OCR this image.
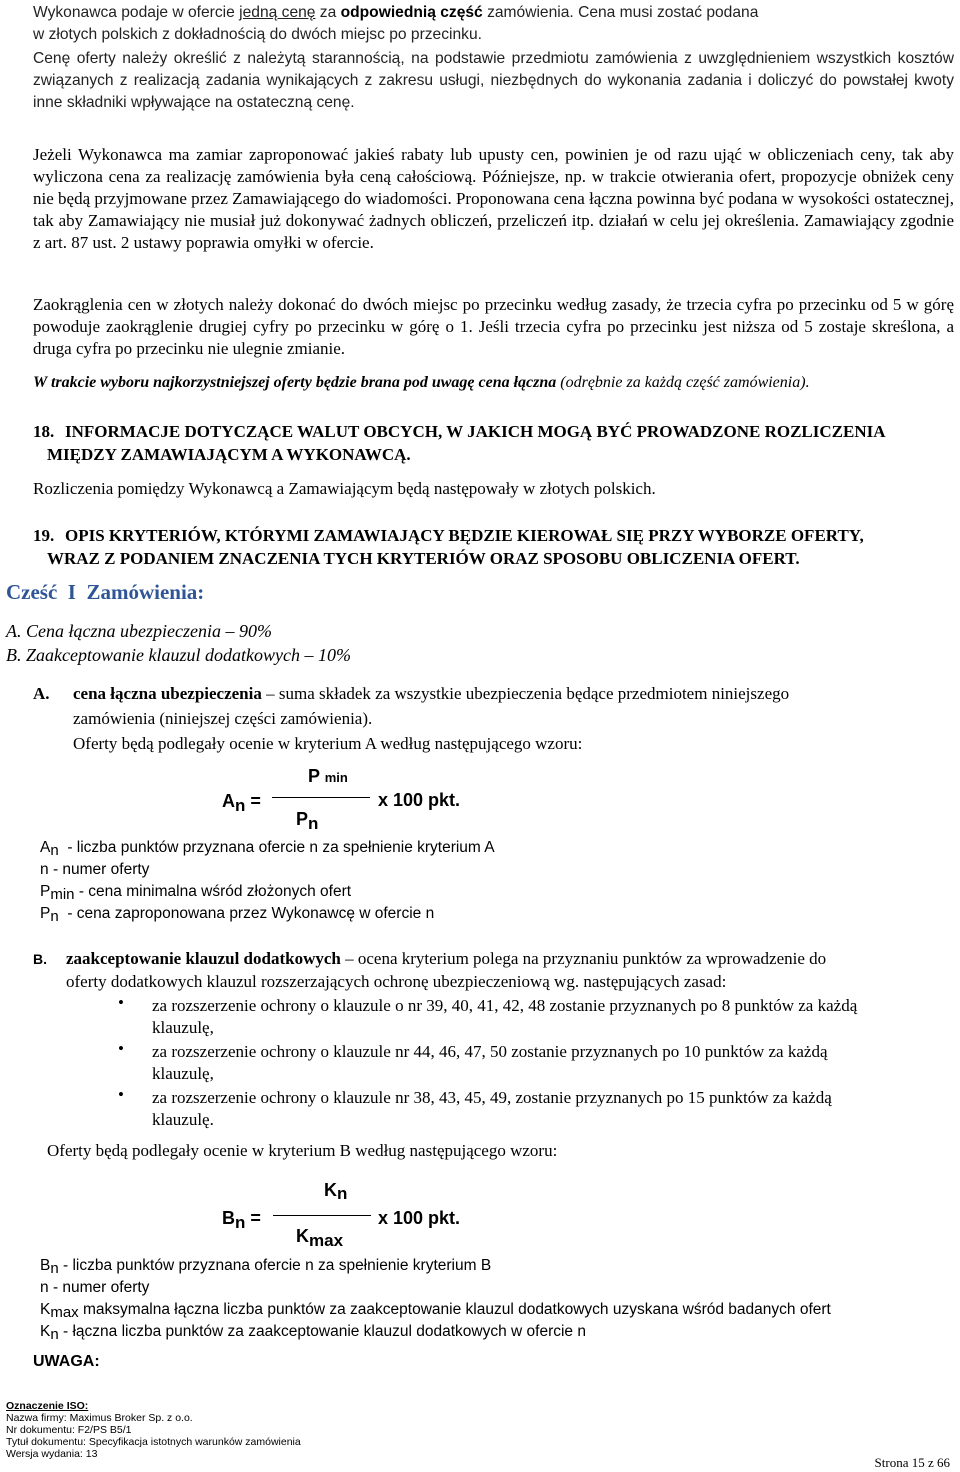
Wykonawca podaje w ofercie jedną cenę za odpowiednią część zamówienia. Cena musi zostać podana
w złotych polskich z dokładnością do dwóch miejsc po przecinku.

Cenę oferty należy określić z należytą starannością, na podstawie przedmiotu zamówienia z uwzględnieniem wszystkich kosztów związanych z realizacją zadania wynikających z zakresu usługi, niezbędnych do wykonania zadania i doliczyć do powstałej kwoty inne składniki wpływające na ostateczną cenę.

Jeżeli Wykonawca ma zamiar zaproponować jakieś rabaty lub upusty cen, powinien je od razu ująć w obliczeniach ceny, tak aby wyliczona cena za realizację zamówienia była ceną całościową. Późniejsze, np. w trakcie otwierania ofert, propozycje obniżek ceny nie będą przyjmowane przez Zamawiającego do wiadomości. Proponowana cena łączna powinna być podana w wysokości ostatecznej, tak aby Zamawiający nie musiał już dokonywać żadnych obliczeń, przeliczeń itp. działań w celu jej określenia. Zamawiający zgodnie z art. 87 ust. 2 ustawy poprawia omyłki w ofercie.

Zaokrąglenia cen w złotych należy dokonać do dwóch miejsc po przecinku według zasady, że trzecia cyfra po przecinku od 5 w górę powoduje zaokrąglenie drugiej cyfry po przecinku w górę o 1. Jeśli trzecia cyfra po przecinku jest niższa od 5 zostaje skreślona, a druga cyfra po przecinku nie ulegnie zmianie.

W trakcie wyboru najkorzystniejszej oferty będzie brana pod uwagę cena łączna (odrębnie za każdą część zamówienia).
18. INFORMACJE DOTYCZĄCE WALUT OBCYCH, W JAKICH MOGĄ BYĆ PROWADZONE ROZLICZENIA
MIĘDZY ZAMAWIAJĄCYM A WYKONAWCĄ.
Rozliczenia pomiędzy Wykonawcą a Zamawiającym będą następowały w złotych polskich.
19. OPIS KRYTERIÓW, KTÓRYMI ZAMAWIAJĄCY BĘDZIE KIEROWAŁ SIĘ PRZY WYBORZE OFERTY,
WRAZ Z PODANIEM ZNACZENIA TYCH KRYTERIÓW ORAZ SPOSOBU OBLICZENIA OFERT.
Cześć  I  Zamówienia:
A. Cena łączna ubezpieczenia – 90%
B. Zaakceptowanie klauzul dodatkowych – 10%
A. cena łączna ubezpieczenia – suma składek za wszystkie ubezpieczenia będące przedmiotem niniejszego
zamówienia (niniejszej części zamówienia).
Oferty będą podlegały ocenie w kryterium A według następującego wzoru:
P min
An =	x 100 pkt.
Pn
An - liczba punktów przyznana ofercie n za spełnienie kryterium A
n - numer oferty
Pmin - cena minimalna wśród złożonych ofert
Pn - cena zaproponowana przez Wykonawcę w ofercie n
B. zaakceptowanie klauzul dodatkowych – ocena kryterium polega na przyznaniu punktów za wprowadzenie do
oferty dodatkowych klauzul rozszerzających ochronę ubezpieczeniową wg. następujących zasad:
• za rozszerzenie ochrony o klauzule o nr 39, 40, 41, 42, 48 zostanie przyznanych po 8 punktów za każdą
klauzulę,
• za rozszerzenie ochrony o klauzule nr 44, 46, 47, 50 zostanie przyznanych po 10 punktów za każdą
klauzulę,
• za rozszerzenie ochrony o klauzule nr 38, 43, 45, 49, zostanie przyznanych po 15 punktów za każdą
klauzulę.
Oferty będą podlegały ocenie w kryterium B według następującego wzoru:
Kn
Bn =	x 100 pkt.
Kmax
Bn - liczba punktów przyznana ofercie n za spełnienie kryterium B
n - numer oferty
Kmax maksymalna łączna liczba punktów za zaakceptowanie klauzul dodatkowych uzyskana wśród badanych ofert
Kn - łączna liczba punktów za zaakceptowanie klauzul dodatkowych w ofercie n
UWAGA:
Oznaczenie ISO:
Nazwa firmy: Maximus Broker Sp. z o.o.
Nr dokumentu: F2/PS B5/1
Tytuł dokumentu: Specyfikacja istotnych warunków zamówienia
Wersja wydania: 13
Strona 15 z 66
